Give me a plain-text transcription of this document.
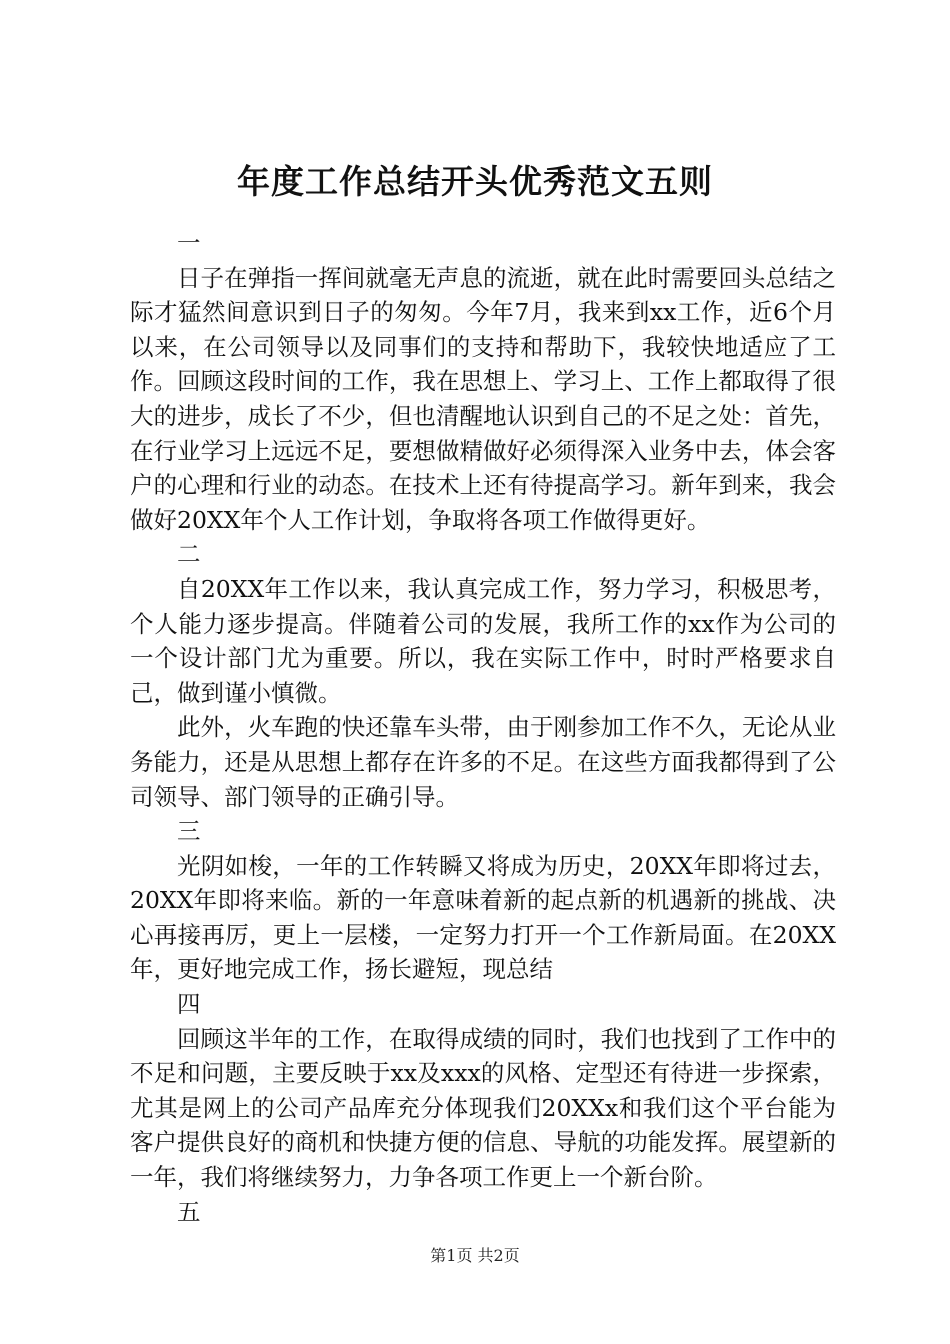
年度工作总结开头优秀范文五则

一

日子在弹指一挥间就毫无声息的流逝，就在此时需要回头总结之际才猛然间意识到日子的匆匆。今年7月，我来到xx工作，近6个月以来，在公司领导以及同事们的支持和帮助下，我较快地适应了工作。回顾这段时间的工作，我在思想上、学习上、工作上都取得了很大的进步，成长了不少，但也清醒地认识到自己的不足之处：首先，在行业学习上远远不足，要想做精做好必须得深入业务中去，体会客户的心理和行业的动态。在技术上还有待提高学习。新年到来，我会做好20XX年个人工作计划，争取将各项工作做得更好。

二

自20XX年工作以来，我认真完成工作，努力学习，积极思考，个人能力逐步提高。伴随着公司的发展，我所工作的xx作为公司的一个设计部门尤为重要。所以，我在实际工作中，时时严格要求自己，做到谨小慎微。

此外，火车跑的快还靠车头带，由于刚参加工作不久，无论从业务能力，还是从思想上都存在许多的不足。在这些方面我都得到了公司领导、部门领导的正确引导。

三

光阴如梭，一年的工作转瞬又将成为历史，20XX年即将过去，20XX年即将来临。新的一年意味着新的起点新的机遇新的挑战、决心再接再厉，更上一层楼，一定努力打开一个工作新局面。在20XX年，更好地完成工作，扬长避短，现总结

四

回顾这半年的工作，在取得成绩的同时，我们也找到了工作中的不足和问题，主要反映于xx及xxx的风格、定型还有待进一步探索，尤其是网上的公司产品库充分体现我们20XXx和我们这个平台能为客户提供良好的商机和快捷方便的信息、导航的功能发挥。展望新的一年，我们将继续努力，力争各项工作更上一个新台阶。

五

第1页 共2页
